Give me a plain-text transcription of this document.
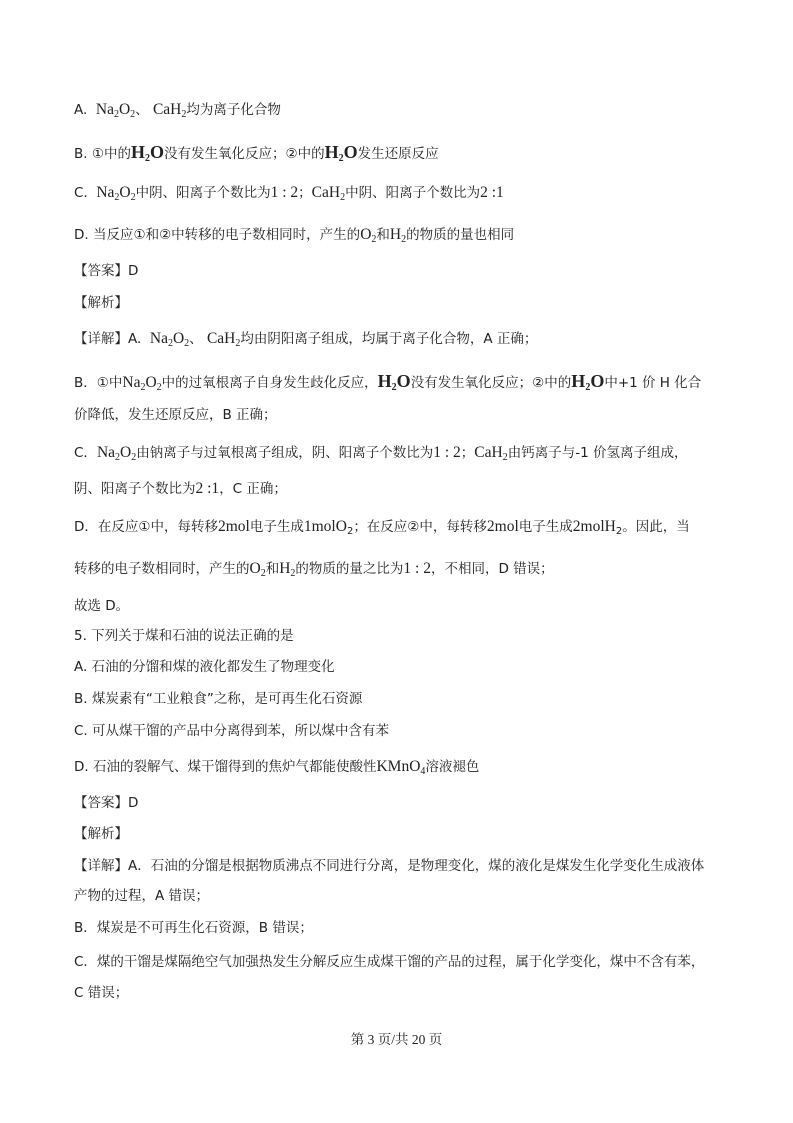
A. $Na_2O_2$、 CaH$_2$均为离子化合物
B. ①中的$H_2O$没有发生氧化反应；②中的$H_2O$发生还原反应
C. $Na_2O_2$中阴、阳离子个数比为1 : 2；CaH$_2$中阴、阳离子个数比为2 :1
D. 当反应①和②中转移的电子数相同时，产生的$O_2$和$H_2$的物质的量也相同
【答案】D
【解析】
【详解】A. $Na_2O_2$、 CaH$_2$均由阴阳离子组成，均属于离子化合物，A 正确；
B．①中$Na_2O_2$中的过氧根离子自身发生歧化反应，$H_2O$没有发生氧化反应；②中的$H_2O$中+1 价 H 化合
价降低，发生还原反应，B 正确；
C．$Na_2O_2$由钠离子与过氧根离子组成，阴、阳离子个数比为1 : 2；CaH$_2$由钙离子与-1 价氢离子组成，
阴、阳离子个数比为2 :1，C 正确；
D．在反应①中，每转移2mol电子生成1molO$_2$；在反应②中，每转移2mol电子生成2molH$_2$。因此，当
转移的电子数相同时，产生的$O_2$和$H_2$的物质的量之比为1 : 2，不相同，D 错误；
故选 D。
5. 下列关于煤和石油的说法正确的是
A. 石油的分馏和煤的液化都发生了物理变化
B. 煤炭素有“工业粮食”之称，是可再生化石资源
C. 可从煤干馏的产品中分离得到苯，所以煤中含有苯
D. 石油的裂解气、煤干馏得到的焦炉气都能使酸性KMnO$_4$溶液褪色
【答案】D
【解析】
【详解】A．石油的分馏是根据物质沸点不同进行分离，是物理变化，煤的液化是煤发生化学变化生成液体
产物的过程，A 错误；
B．煤炭是不可再生化石资源，B 错误；
C．煤的干馏是煤隔绝空气加强热发生分解反应生成煤干馏的产品的过程，属于化学变化，煤中不含有苯，
C 错误；
第 3 页/共 20 页
